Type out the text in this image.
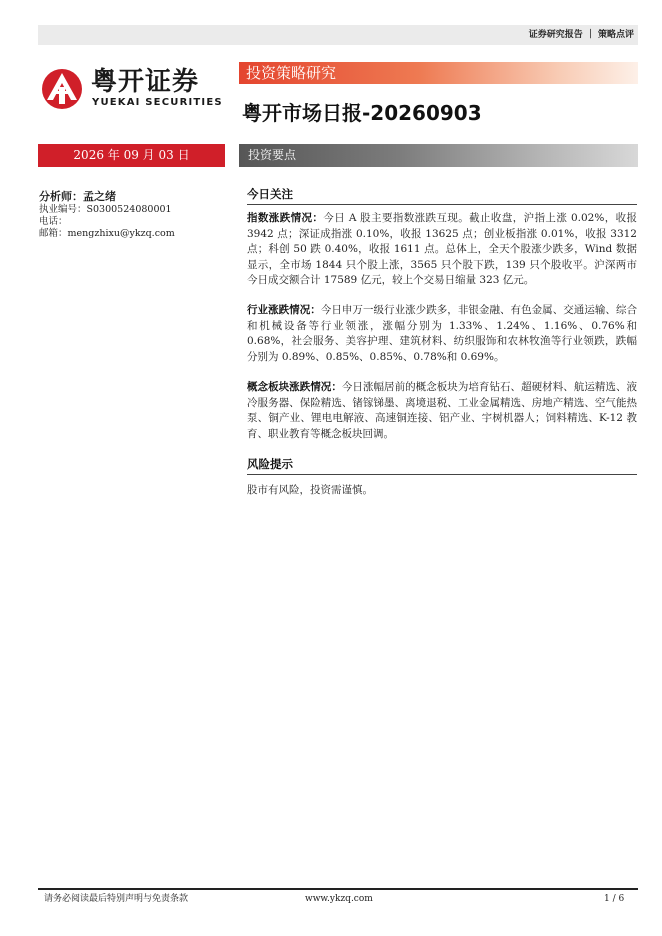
证券研究报告 ｜ 策略点评
粤开证券
YUEKAI SECURITIES
投资策略研究
粤开市场日报-20260903
2026 年 09 月 03 日	投资要点
分析师：孟之绪
执业编号：S0300524080001
电话：
邮箱：mengzhixu@ykzq.com
今日关注
指数涨跌情况：今日 A 股主要指数涨跌互现。截止收盘，沪指上涨 0.02%，收报 3942 点；深证成指涨 0.10%，收报 13625 点；创业板指涨 0.01%，收报 3312 点；科创 50 跌 0.40%，收报 1611 点。总体上，全天个股涨少跌多，Wind 数据显示，全市场 1844 只个股上涨，3565 只个股下跌，139 只个股收平。沪深两市今日成交额合计 17589 亿元，较上个交易日缩量 323 亿元。
行业涨跌情况：今日申万一级行业涨少跌多，非银金融、有色金属、交通运输、综合和机械设备等行业领涨，涨幅分别为 1.33%、1.24%、1.16%、0.76%和 0.68%，社会服务、美容护理、建筑材料、纺织服饰和农林牧渔等行业领跌，跌幅分别为 0.89%、0.85%、0.85%、0.78%和 0.69%。
概念板块涨跌情况：今日涨幅居前的概念板块为培育钻石、超硬材料、航运精选、液冷服务器、保险精选、锗镓锑墨、离境退税、工业金属精选、房地产精选、空气能热泵、铜产业、锂电电解液、高速铜连接、铝产业、宇树机器人；饲料精选、K-12 教育、职业教育等概念板块回调。
风险提示
股市有风险，投资需谨慎。
请务必阅读最后特别声明与免责条款	www.ykzq.com	1 / 6
